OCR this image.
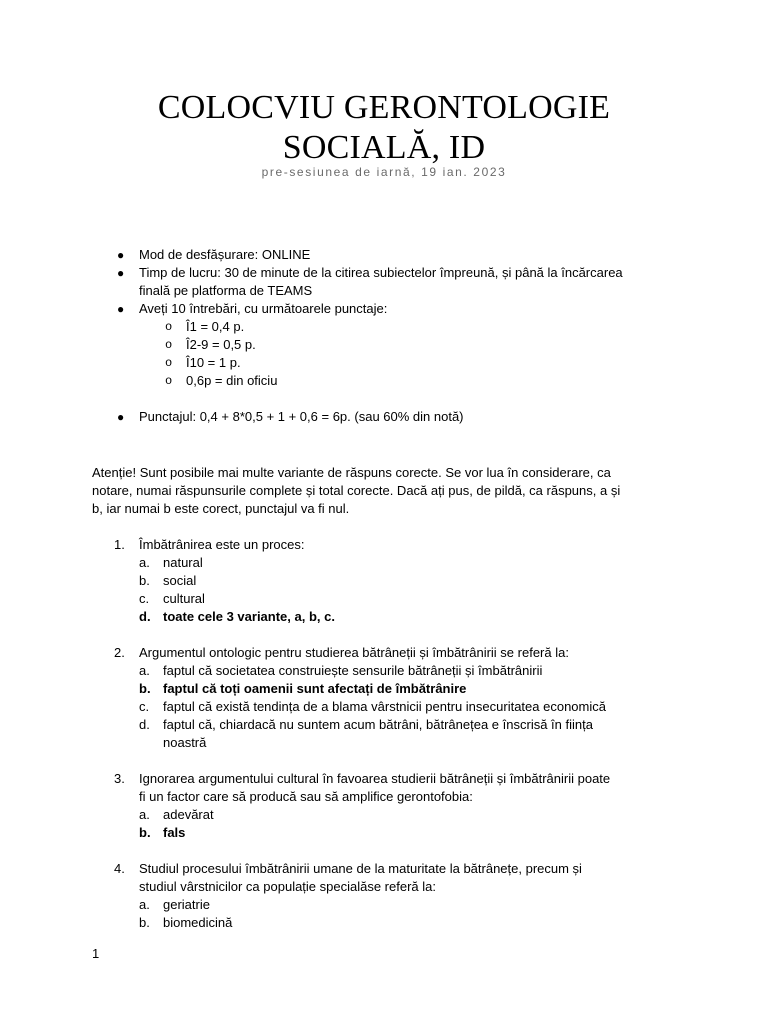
COLOCVIU GERONTOLOGIE
SOCIALĂ, ID
pre-sesiunea de iarnă, 19 ian. 2023
● Mod de desfășurare: ONLINE
● Timp de lucru: 30 de minute de la citirea subiectelor împreună, și până la încărcarea
finală pe platforma de TEAMS
● Aveți 10 întrebări, cu următoarele punctaje:
o Î1 = 0,4 p.
o Î2-9 = 0,5 p.
o Î10 = 1 p.
o 0,6p = din oficiu
● Punctajul: 0,4 + 8*0,5 + 1 + 0,6 = 6p. (sau 60% din notă)
Atenție! Sunt posibile mai multe variante de răspuns corecte. Se vor lua în considerare, ca
notare, numai răspunsurile complete și total corecte. Dacă ați pus, de pildă, ca răspuns, a și
b, iar numai b este corect, punctajul va fi nul.
1. Îmbătrânirea este un proces:
a. natural
b. social
c. cultural
d. toate cele 3 variante, a, b, c.
2. Argumentul ontologic pentru studierea bătrâneții și îmbătrânirii se referă la:
a. faptul că societatea construiește sensurile bătrâneții și îmbătrânirii
b. faptul că toți oamenii sunt afectați de îmbătrânire
c. faptul că există tendința de a blama vârstnicii pentru insecuritatea economică
d. faptul că, chiardacă nu suntem acum bătrâni, bătrânețea e înscrisă în ființa
noastră
3. Ignorarea argumentului cultural în favoarea studierii bătrâneții și îmbătrânirii poate
fi un factor care să producă sau să amplifice gerontofobia:
a. adevărat
b. fals
4. Studiul procesului îmbătrânirii umane de la maturitate la bătrânețe, precum și
studiul vârstnicilor ca populație specialăse referă la:
a. geriatrie
b. biomedicină
1
